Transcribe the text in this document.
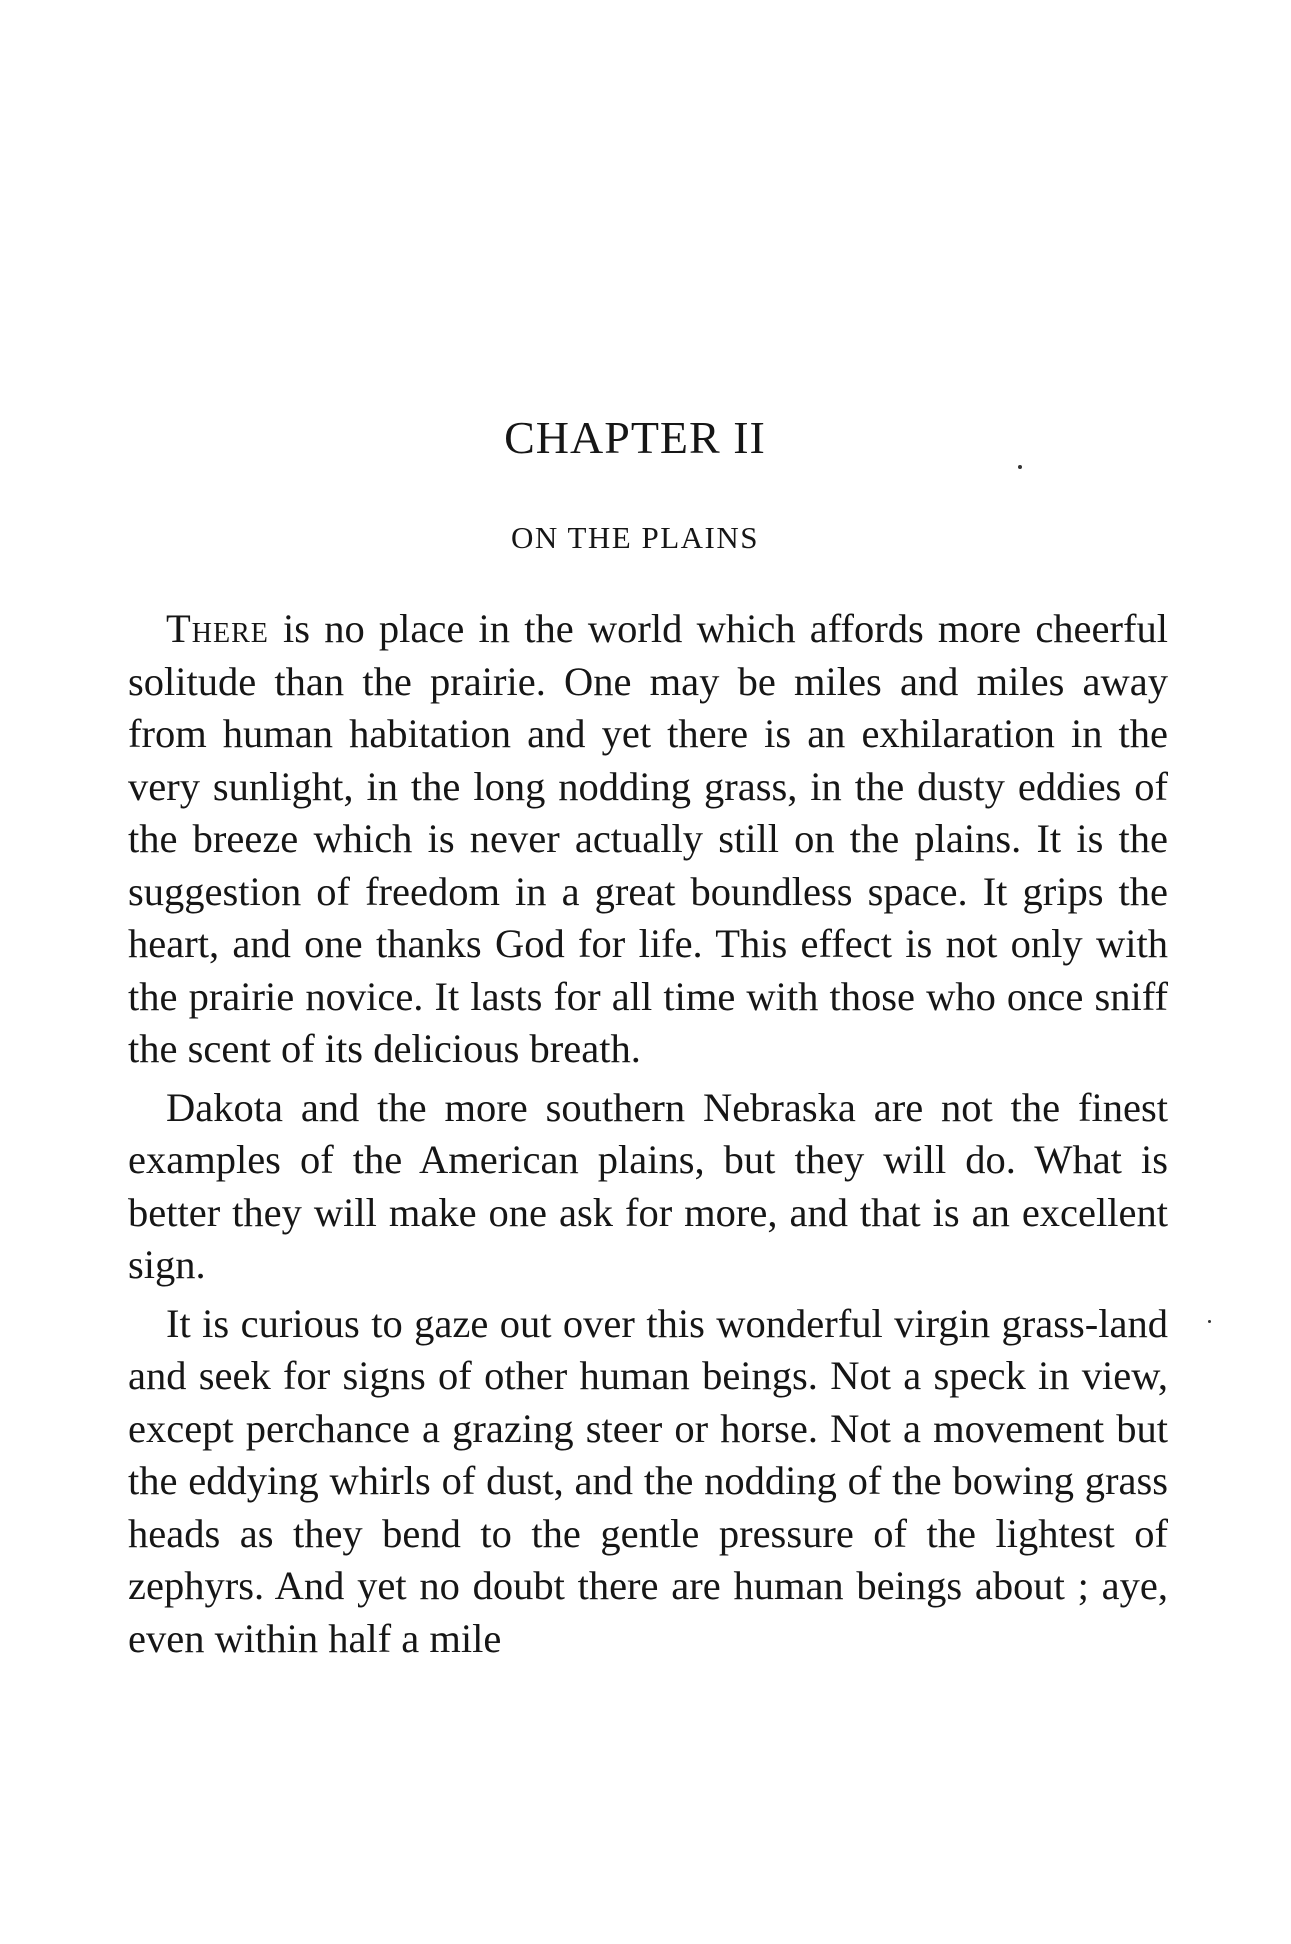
CHAPTER II
ON THE PLAINS

There is no place in the world which affords more cheerful solitude than the prairie. One may be miles and miles away from human habitation and yet there is an exhilaration in the very sunlight, in the long nodding grass, in the dusty eddies of the breeze which is never actually still on the plains. It is the suggestion of freedom in a great boundless space. It grips the heart, and one thanks God for life. This effect is not only with the prairie novice. It lasts for all time with those who once sniff the scent of its delicious breath.

Dakota and the more southern Nebraska are not the finest examples of the American plains, but they will do. What is better they will make one ask for more, and that is an excellent sign.

It is curious to gaze out over this wonderful virgin grass-land and seek for signs of other human beings. Not a speck in view, except perchance a grazing steer or horse. Not a movement but the eddying whirls of dust, and the nodding of the bowing grass heads as they bend to the gentle pressure of the lightest of zephyrs. And yet no doubt there are human beings about ; aye, even within half a mile
